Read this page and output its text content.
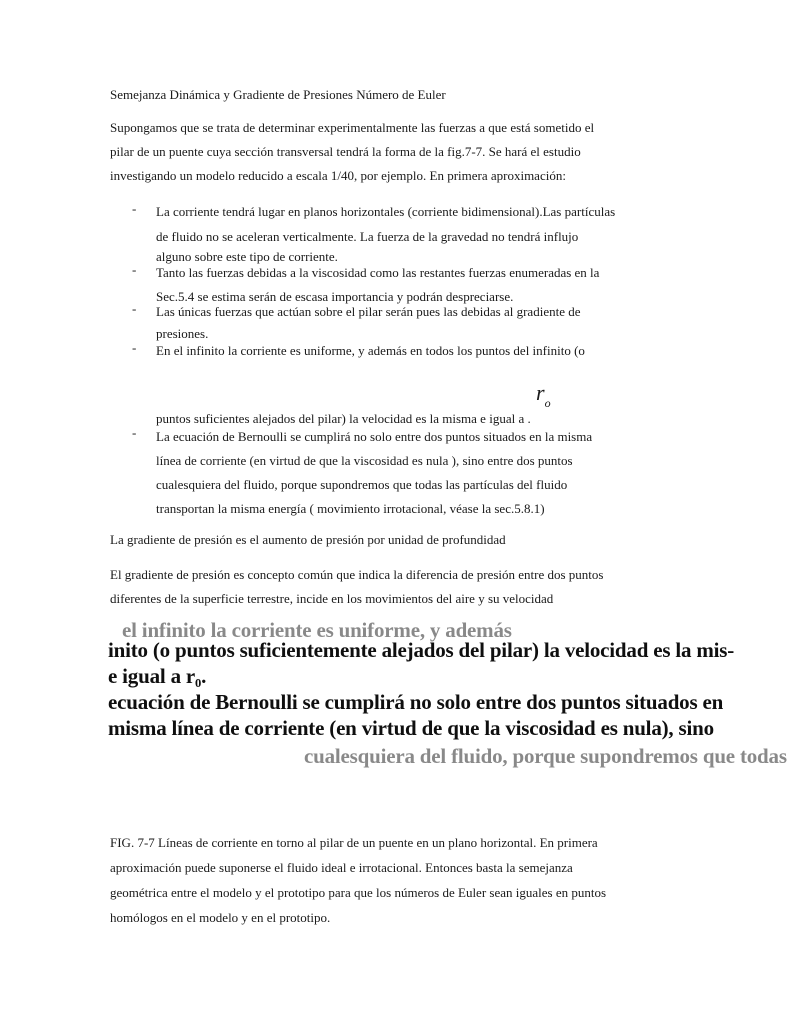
Semejanza Dinámica y Gradiente de Presiones Número de Euler
Supongamos que se trata de determinar experimentalmente las fuerzas a que está sometido el
pilar de un puente cuya sección transversal tendrá la forma de la fig.7-7. Se hará el estudio
investigando un modelo reducido a escala 1/40, por ejemplo. En primera aproximación:
- La corriente tendrá lugar en planos horizontales (corriente bidimensional).Las partículas
de fluido no se aceleran verticalmente. La fuerza de la gravedad no tendrá influjo
alguno sobre este tipo de corriente.
- Tanto las fuerzas debidas a la viscosidad como las restantes fuerzas enumeradas en la
Sec.5.4 se estima serán de escasa importancia y podrán despreciarse.
- Las únicas fuerzas que actúan sobre el pilar serán pues las debidas al gradiente de
presiones.
- En el infinito la corriente es uniforme, y además en todos los puntos del infinito (o
$r_o$
puntos suficientes alejados del pilar) la velocidad es la misma e igual a .
- La ecuación de Bernoulli se cumplirá no solo entre dos puntos situados en la misma
línea de corriente (en virtud de que la viscosidad es nula ), sino entre dos puntos
cualesquiera del fluido, porque supondremos que todas las partículas del fluido
transportan la misma energía ( movimiento irrotacional, véase la sec.5.8.1)
La gradiente de presión es el aumento de presión por unidad de profundidad
El gradiente de presión es concepto común que indica la diferencia de presión entre dos puntos
diferentes de la superficie terrestre, incide en los movimientos del aire y su velocidad
el infinito la corriente es uniforme, y además
inito (o puntos suficientemente alejados del pilar) la velocidad es la mis-
e igual a r₀.
ecuación de Bernoulli se cumplirá no solo entre dos puntos situados en
misma línea de corriente (en virtud de que la viscosidad es nula), sino
cualesquiera del fluido, porque supondremos que todas
FIG. 7-7 Líneas de corriente en torno al pilar de un puente en un plano horizontal. En primera
aproximación puede suponerse el fluido ideal e irrotacional. Entonces basta la semejanza
geométrica entre el modelo y el prototipo para que los números de Euler sean iguales en puntos
homólogos en el modelo y en el prototipo.
